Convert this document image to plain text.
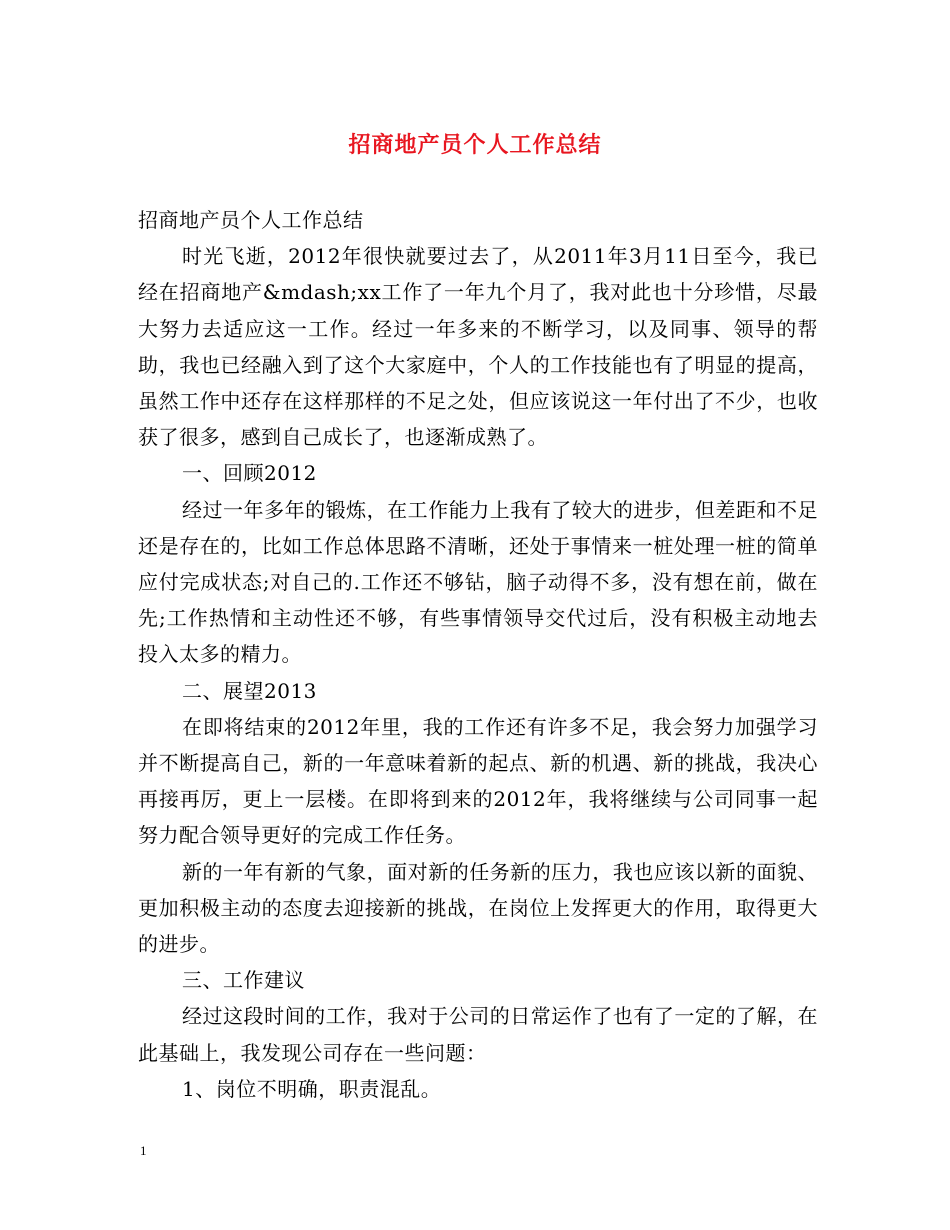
招商地产员个人工作总结

招商地产员个人工作总结

时光飞逝，2012年很快就要过去了，从2011年3月11日至今，我已经在招商地产&mdash;xx工作了一年九个月了，我对此也十分珍惜，尽最大努力去适应这一工作。经过一年多来的不断学习，以及同事、领导的帮助，我也已经融入到了这个大家庭中，个人的工作技能也有了明显的提高，虽然工作中还存在这样那样的不足之处，但应该说这一年付出了不少，也收获了很多，感到自己成长了，也逐渐成熟了。

一、回顾2012

经过一年多年的锻炼，在工作能力上我有了较大的进步，但差距和不足还是存在的，比如工作总体思路不清晰，还处于事情来一桩处理一桩的简单应付完成状态;对自己的.工作还不够钻，脑子动得不多，没有想在前，做在先;工作热情和主动性还不够，有些事情领导交代过后，没有积极主动地去投入太多的精力。

二、展望2013

在即将结束的2012年里，我的工作还有许多不足，我会努力加强学习并不断提高自己，新的一年意味着新的起点、新的机遇、新的挑战，我决心再接再厉，更上一层楼。在即将到来的2012年，我将继续与公司同事一起努力配合领导更好的完成工作任务。

新的一年有新的气象，面对新的任务新的压力，我也应该以新的面貌、更加积极主动的态度去迎接新的挑战，在岗位上发挥更大的作用，取得更大的进步。

三、工作建议

经过这段时间的工作，我对于公司的日常运作了也有了一定的了解，在此基础上，我发现公司存在一些问题：

1、岗位不明确，职责混乱。

1
